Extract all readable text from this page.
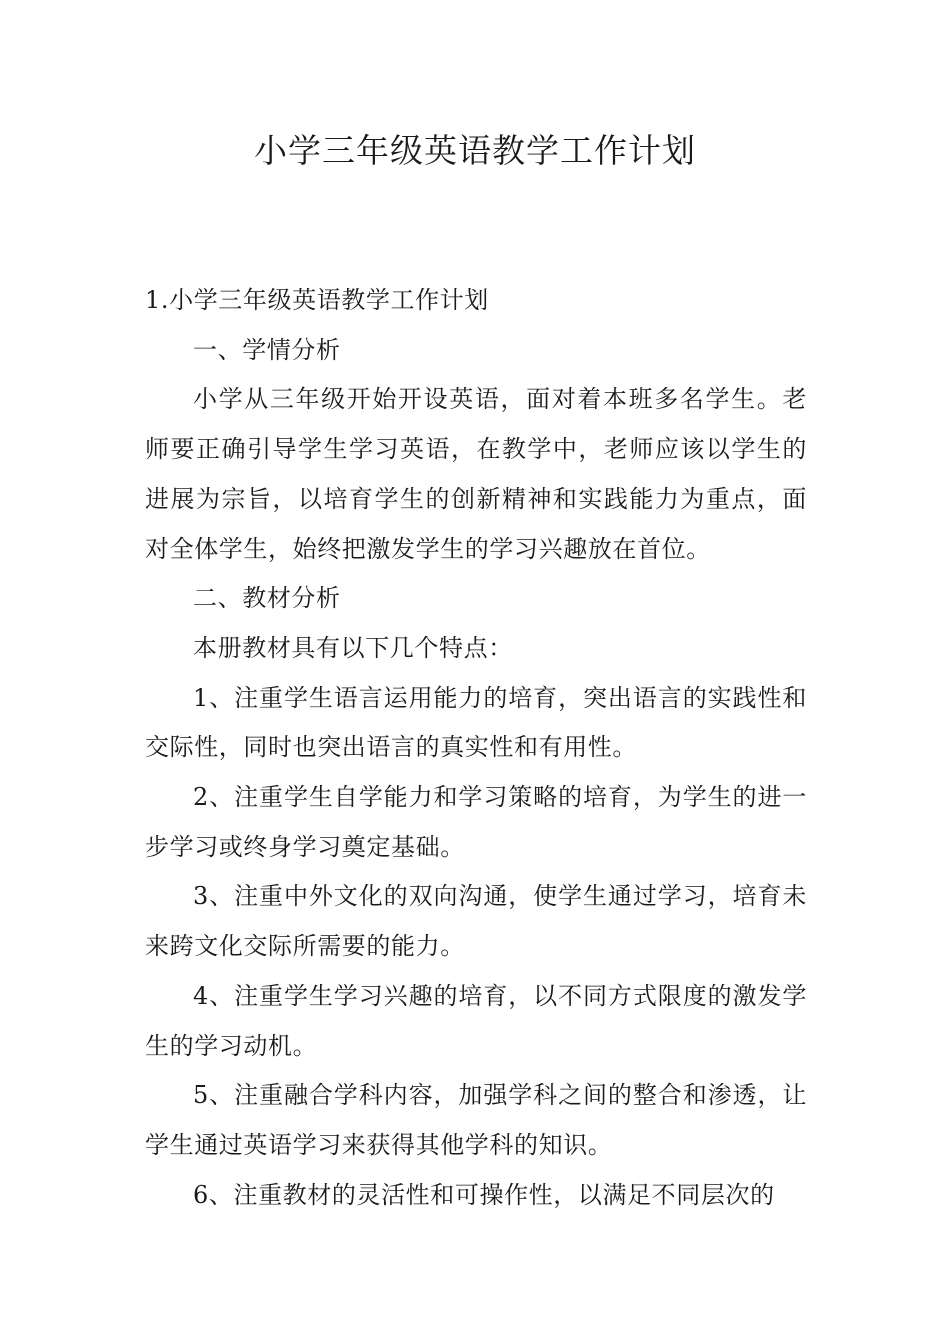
小学三年级英语教学工作计划

1.小学三年级英语教学工作计划

一、学情分析

小学从三年级开始开设英语，面对着本班多名学生。老师要正确引导学生学习英语，在教学中，老师应该以学生的进展为宗旨，以培育学生的创新精神和实践能力为重点，面对全体学生，始终把激发学生的学习兴趣放在首位。

二、教材分析

本册教材具有以下几个特点：

1、注重学生语言运用能力的培育，突出语言的实践性和交际性，同时也突出语言的真实性和有用性。

2、注重学生自学能力和学习策略的培育，为学生的进一步学习或终身学习奠定基础。

3、注重中外文化的双向沟通，使学生通过学习，培育未来跨文化交际所需要的能力。

4、注重学生学习兴趣的培育，以不同方式限度的激发学生的学习动机。

5、注重融合学科内容，加强学科之间的整合和渗透，让学生通过英语学习来获得其他学科的知识。

6、注重教材的灵活性和可操作性，以满足不同层次的
